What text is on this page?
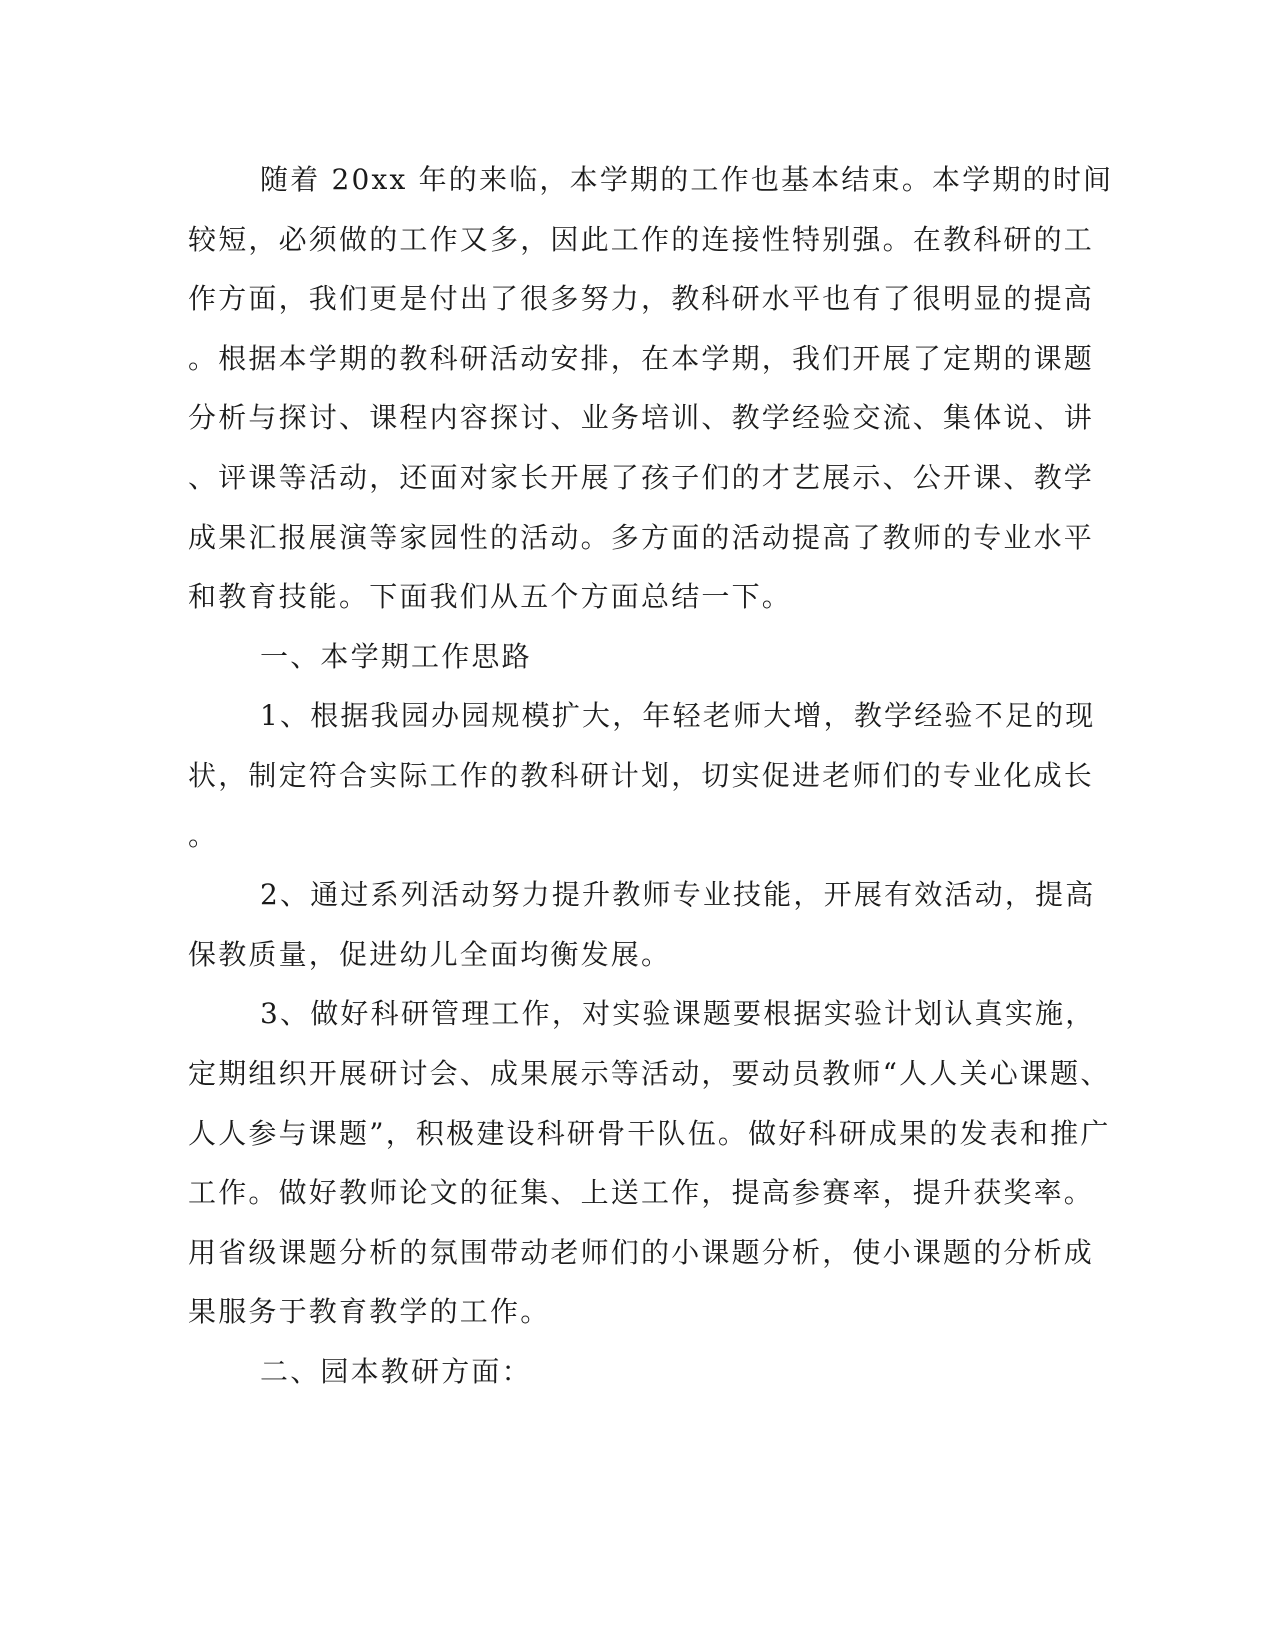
随着 20xx 年的来临，本学期的工作也基本结束。本学期的时间
较短，必须做的工作又多，因此工作的连接性特别强。在教科研的工
作方面，我们更是付出了很多努力，教科研水平也有了很明显的提高
。根据本学期的教科研活动安排，在本学期，我们开展了定期的课题
分析与探讨、课程内容探讨、业务培训、教学经验交流、集体说、讲
、评课等活动，还面对家长开展了孩子们的才艺展示、公开课、教学
成果汇报展演等家园性的活动。多方面的活动提高了教师的专业水平
和教育技能。下面我们从五个方面总结一下。
一、本学期工作思路
1、根据我园办园规模扩大，年轻老师大增，教学经验不足的现
状，制定符合实际工作的教科研计划，切实促进老师们的专业化成长
。
2、通过系列活动努力提升教师专业技能，开展有效活动，提高
保教质量，促进幼儿全面均衡发展。
3、做好科研管理工作，对实验课题要根据实验计划认真实施，
定期组织开展研讨会、成果展示等活动，要动员教师“人人关心课题、
人人参与课题”，积极建设科研骨干队伍。做好科研成果的发表和推广
工作。做好教师论文的征集、上送工作，提高参赛率，提升获奖率。
用省级课题分析的氛围带动老师们的小课题分析，使小课题的分析成
果服务于教育教学的工作。
二、园本教研方面：
